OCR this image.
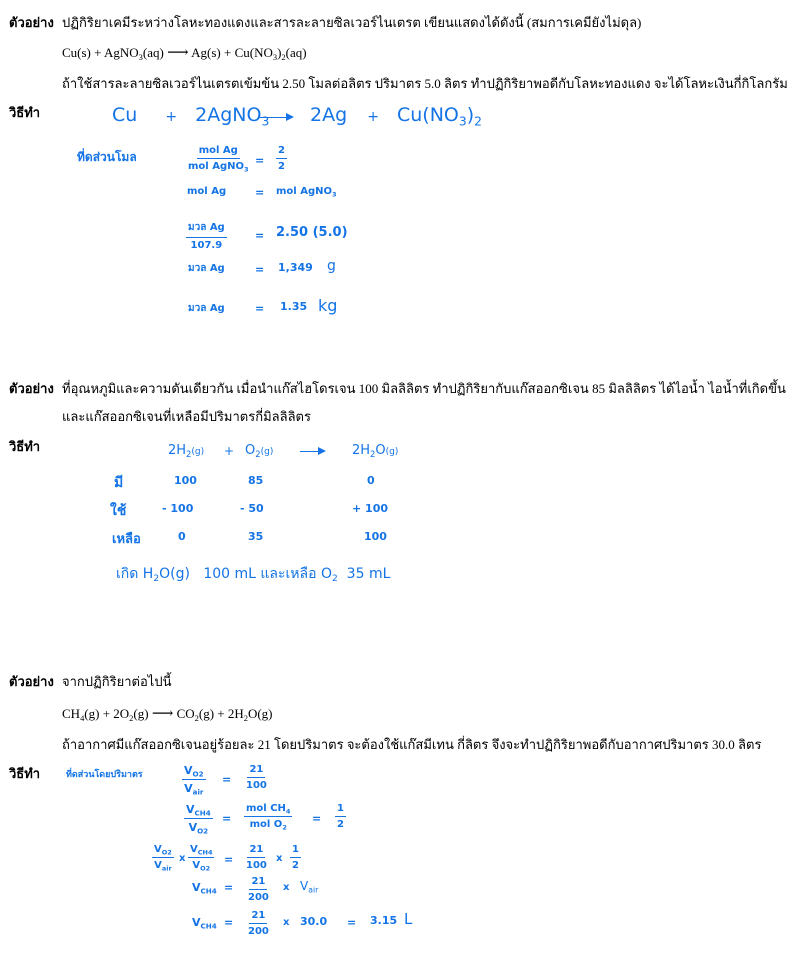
ตัวอย่าง ปฏิกิริยาเคมีระหว่างโลหะทองแดงและสารละลายซิลเวอร์ไนเตรต เขียนแสดงได้ดังนี้ (สมการเคมียังไม่ดุล)
Cu(s) + AgNO$_3$(aq) ⟶ $Ag(s) + Cu(NO_3)_2(aq)$
ถ้าใช้สารละลายซิลเวอร์ไนเตรตเข้มข้น 2.50 โมลต่อลิตร ปริมาตร 5.0 ลิตร ทำปฏิกิริยาพอดีกับโลหะทองแดง จะได้โลหะเงินกี่กิโลกรัม
วิธีทำ	Cu + 2AgNO$_3$ → $2Ag + Cu(NO_3)_2$
ที่ดส่วนโมล	mol Ag
mol AgNO$_3$
= $\frac{2}{2}$
mol Ag	= mol AgNO$_3$
มวล Ag
107.9
= 2.50 (5.0)
มวล Ag	= 1,349 g
มวล Ag	= 1.35 kg
ตัวอย่าง ที่อุณหภูมิและความดันเดียวกัน เมื่อนำแก๊สไฮโดรเจน 100 มิลลิลิตร ทำปฏิกิริยากับแก๊สออกซิเจน 85 มิลลิลิตร ได้ไอน้ำ ไอน้ำที่เกิดขึ้น
และแก๊สออกซิเจนที่เหลือมีปริมาตรกี่มิลลิลิตร
วิธีทำ	$2H_2(g) + O_2(g)$	$2H_2O(g)$
มี	100	85	0
ใช้	- 100	- 50	+ 100
เหลือ	0	35	100
เกิด $H_2O(g)$   100 mL และเหลือ $O_2$  35 mL
ตัวอย่าง จากปฏิกิริยาต่อไปนี้
$CH_4(g) + 2O_2(g)$ ⟶ $CO_2(g) + 2H_2O(g)$
ถ้าอากาศมีแก๊สออกซิเจนอยู่ร้อยละ 21 โดยปริมาตร จะต้องใช้แก๊สมีเทน กี่ลิตร จึงจะทำปฏิกิริยาพอดีกับอากาศปริมาตร 30.0 ลิตร
วิธีทำ	ที่ดส่วนโดยปริมาตร	$V_{O2}$
$V_{air}$
= $\frac{21}{100}$
$V_{CH4}$
$V_{O2}$
=
mol $CH_4$
mol $O_2$
= $\frac{1}{2}$
$V_{O2}$
$V_{air}$
x
$V_{CH4}$
$V_{O2}$
= $\frac{21}{100}$ x $\frac{1}{2}$
$V_{CH4} = \frac{21}{200}$ x $V_{air}$
$V_{CH4} = \frac{21}{200}$ x 30.0 = 3.15 L
